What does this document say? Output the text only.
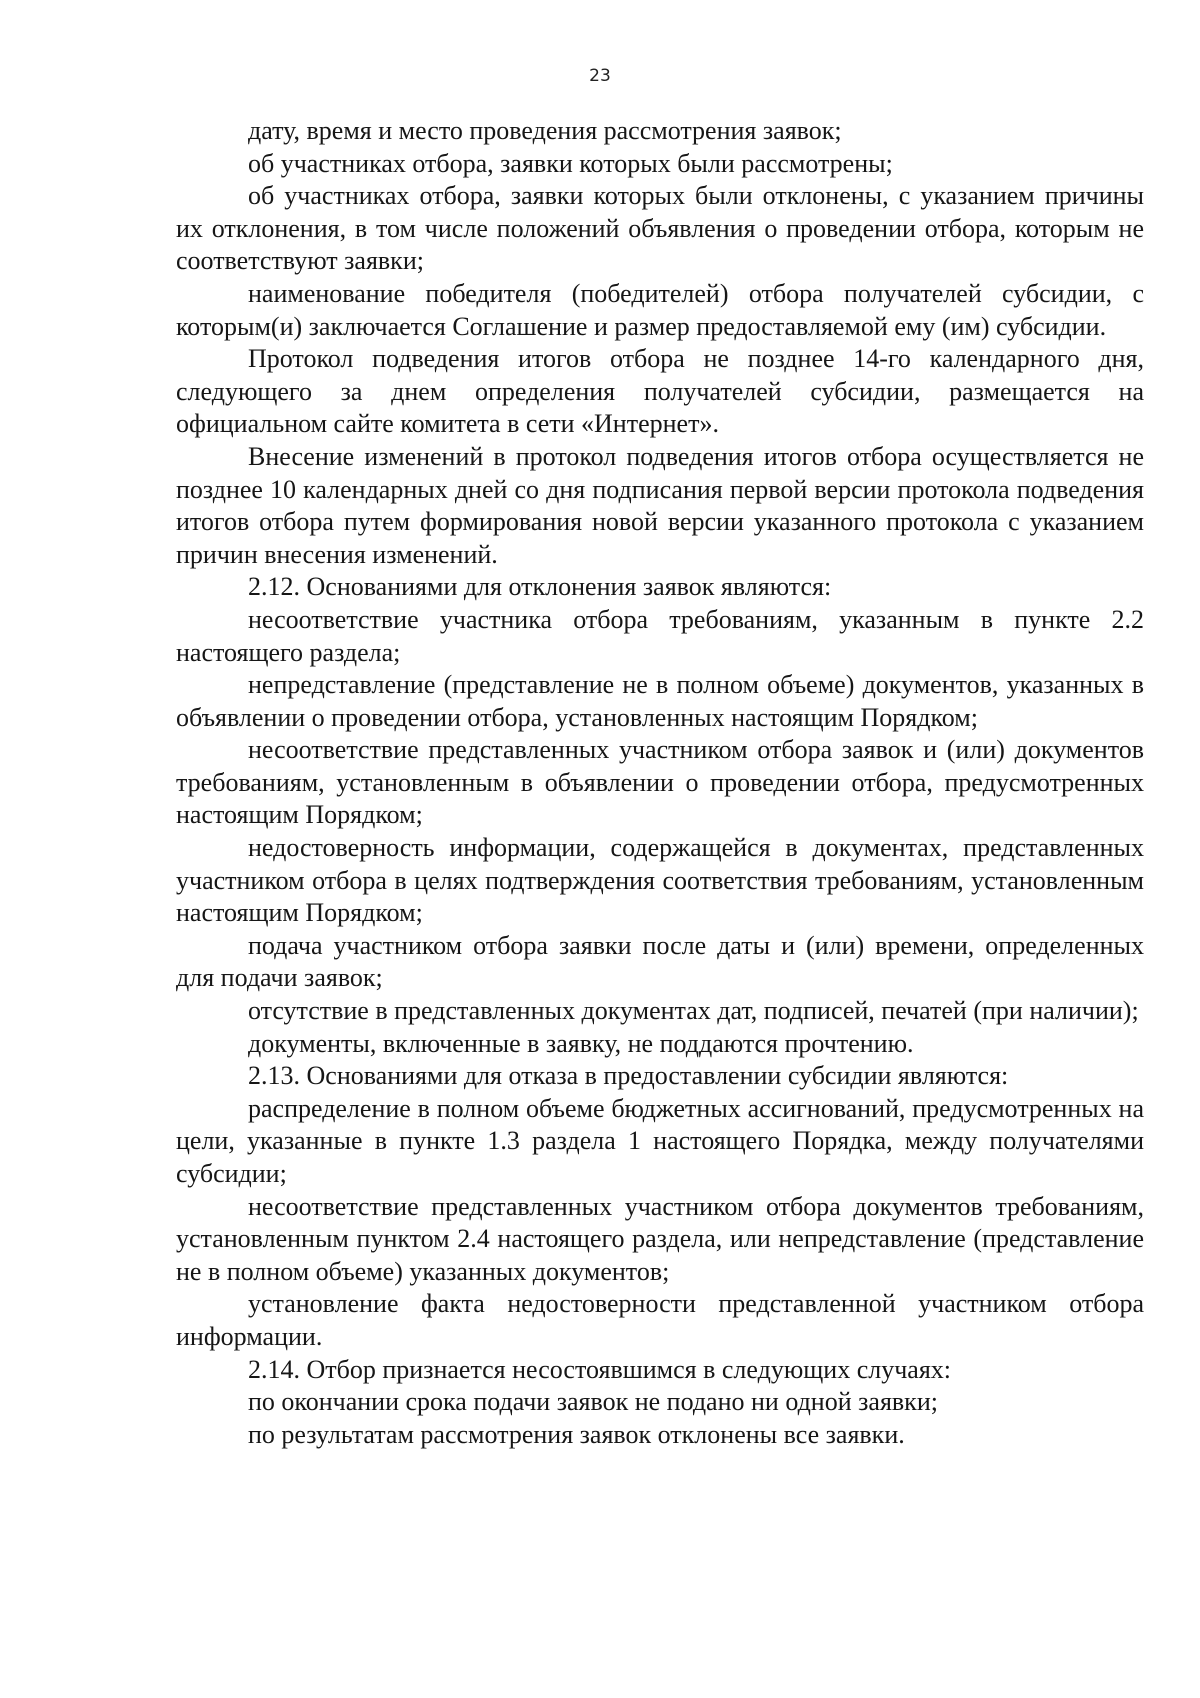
23

дату, время и место проведения рассмотрения заявок;

об участниках отбора, заявки которых были рассмотрены;

об участниках отбора, заявки которых были отклонены, с указанием причины их отклонения, в том числе положений объявления о проведении отбора, которым не соответствуют заявки;

наименование победителя (победителей) отбора получателей субсидии, с которым(и) заключается Соглашение и размер предоставляемой ему (им) субсидии.

Протокол подведения итогов отбора не позднее 14-го календарного дня, следующего за днем определения получателей субсидии, размещается на официальном сайте комитета в сети «Интернет».

Внесение изменений в протокол подведения итогов отбора осуществляется не позднее 10 календарных дней со дня подписания первой версии протокола подведения итогов отбора путем формирования новой версии указанного протокола с указанием причин внесения изменений.

2.12. Основаниями для отклонения заявок являются:

несоответствие участника отбора требованиям, указанным в пункте 2.2 настоящего раздела;

непредставление (представление не в полном объеме) документов, указанных в объявлении о проведении отбора, установленных настоящим Порядком;

несоответствие представленных участником отбора заявок и (или) документов требованиям, установленным в объявлении о проведении отбора, предусмотренных настоящим Порядком;

недостоверность информации, содержащейся в документах, представленных участником отбора в целях подтверждения соответствия требованиям, установленным настоящим Порядком;

подача участником отбора заявки после даты и (или) времени, определенных для подачи заявок;

отсутствие в представленных документах дат, подписей, печатей (при наличии);

документы, включенные в заявку, не поддаются прочтению.

2.13. Основаниями для отказа в предоставлении субсидии являются:

распределение в полном объеме бюджетных ассигнований, предусмотренных на цели, указанные в пункте 1.3 раздела 1 настоящего Порядка, между получателями субсидии;

несоответствие представленных участником отбора документов требованиям, установленным пунктом 2.4 настоящего раздела, или непредставление (представление не в полном объеме) указанных документов;

установление факта недостоверности представленной участником отбора информации.

2.14. Отбор признается несостоявшимся в следующих случаях:

по окончании срока подачи заявок не подано ни одной заявки;

по результатам рассмотрения заявок отклонены все заявки.
